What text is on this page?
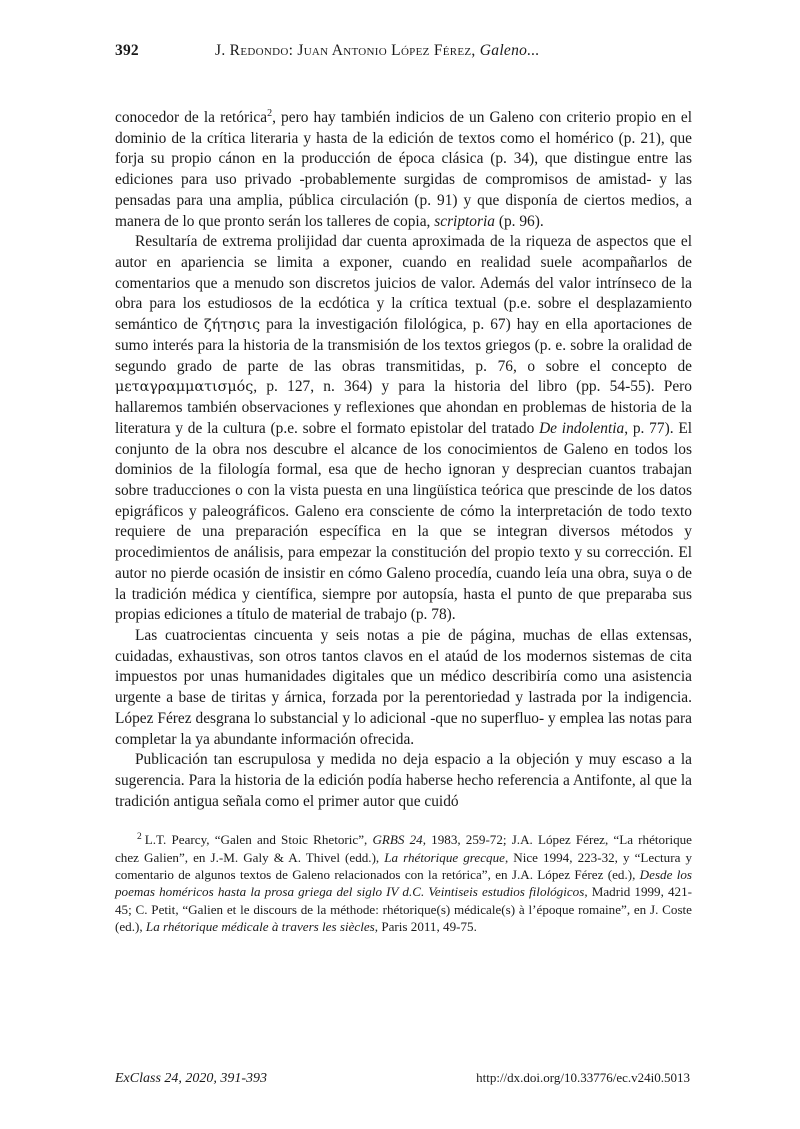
392	J. Redondo: Juan Antonio López Férez, Galeno...

conocedor de la retórica$^2$, pero hay también indicios de un Galeno con criterio propio en el dominio de la crítica literaria y hasta de la edición de textos como el homérico (p. 21), que forja su propio cánon en la producción de época clásica (p. 34), que distingue entre las ediciones para uso privado -probablemente surgidas de compromisos de amistad- y las pensadas para una amplia, pública circulación (p. 91) y que disponía de ciertos medios, a manera de lo que pronto serán los talleres de copia, scriptoria (p. 96).

Resultaría de extrema prolijidad dar cuenta aproximada de la riqueza de aspectos que el autor en apariencia se limita a exponer, cuando en realidad suele acompañarlos de comentarios que a menudo son discretos juicios de valor. Además del valor intrínseco de la obra para los estudiosos de la ecdótica y la crítica textual (p.e. sobre el desplazamiento semántico de ζήτησις para la investigación filológica, p. 67) hay en ella aportaciones de sumo interés para la historia de la transmisión de los textos griegos (p. e. sobre la oralidad de segundo grado de parte de las obras transmitidas, p. 76, o sobre el concepto de μεταγραμματισμός, p. 127, n. 364) y para la historia del libro (pp. 54-55). Pero hallaremos también observaciones y reflexiones que ahondan en problemas de historia de la literatura y de la cultura (p.e. sobre el formato epistolar del tratado De indolentia, p. 77). El conjunto de la obra nos descubre el alcance de los conocimientos de Galeno en todos los dominios de la filología formal, esa que de hecho ignoran y desprecian cuantos trabajan sobre traducciones o con la vista puesta en una lingüística teórica que prescinde de los datos epigráficos y paleográficos. Galeno era consciente de cómo la interpretación de todo texto requiere de una preparación específica en la que se integran diversos métodos y procedimientos de análisis, para empezar la constitución del propio texto y su corrección. El autor no pierde ocasión de insistir en cómo Galeno procedía, cuando leía una obra, suya o de la tradición médica y científica, siempre por autopsía, hasta el punto de que preparaba sus propias ediciones a título de material de trabajo (p. 78).

Las cuatrocientas cincuenta y seis notas a pie de página, muchas de ellas extensas, cuidadas, exhaustivas, son otros tantos clavos en el ataúd de los modernos sistemas de cita impuestos por unas humanidades digitales que un médico describiría como una asistencia urgente a base de tiritas y árnica, forzada por la perentoriedad y lastrada por la indigencia. López Férez desgrana lo substancial y lo adicional -que no superfluo- y emplea las notas para completar la ya abundante información ofrecida.

Publicación tan escrupulosa y medida no deja espacio a la objeción y muy escaso a la sugerencia. Para la historia de la edición podía haberse hecho referencia a Antifonte, al que la tradición antigua señala como el primer autor que cuidó

$^2$ L.T. Pearcy, “Galen and Stoic Rhetoric”, GRBS 24, 1983, 259-72; J.A. López Férez, “La rhétorique chez Galien”, en J.-M. Galy & A. Thivel (edd.), La rhétorique grecque, Nice 1994, 223-32, y “Lectura y comentario de algunos textos de Galeno relacionados con la retórica”, en J.A. López Férez (ed.), Desde los poemas homéricos hasta la prosa griega del siglo IV d.C. Veintiseis estudios filológicos, Madrid 1999, 421-45; C. Petit, “Galien et le discours de la méthode: rhétorique(s) médicale(s) à l’époque romaine”, en J. Coste (ed.), La rhétorique médicale à travers les siècles, Paris 2011, 49-75.

ExClass 24, 2020, 391-393	http://dx.doi.org/10.33776/ec.v24i0.5013
